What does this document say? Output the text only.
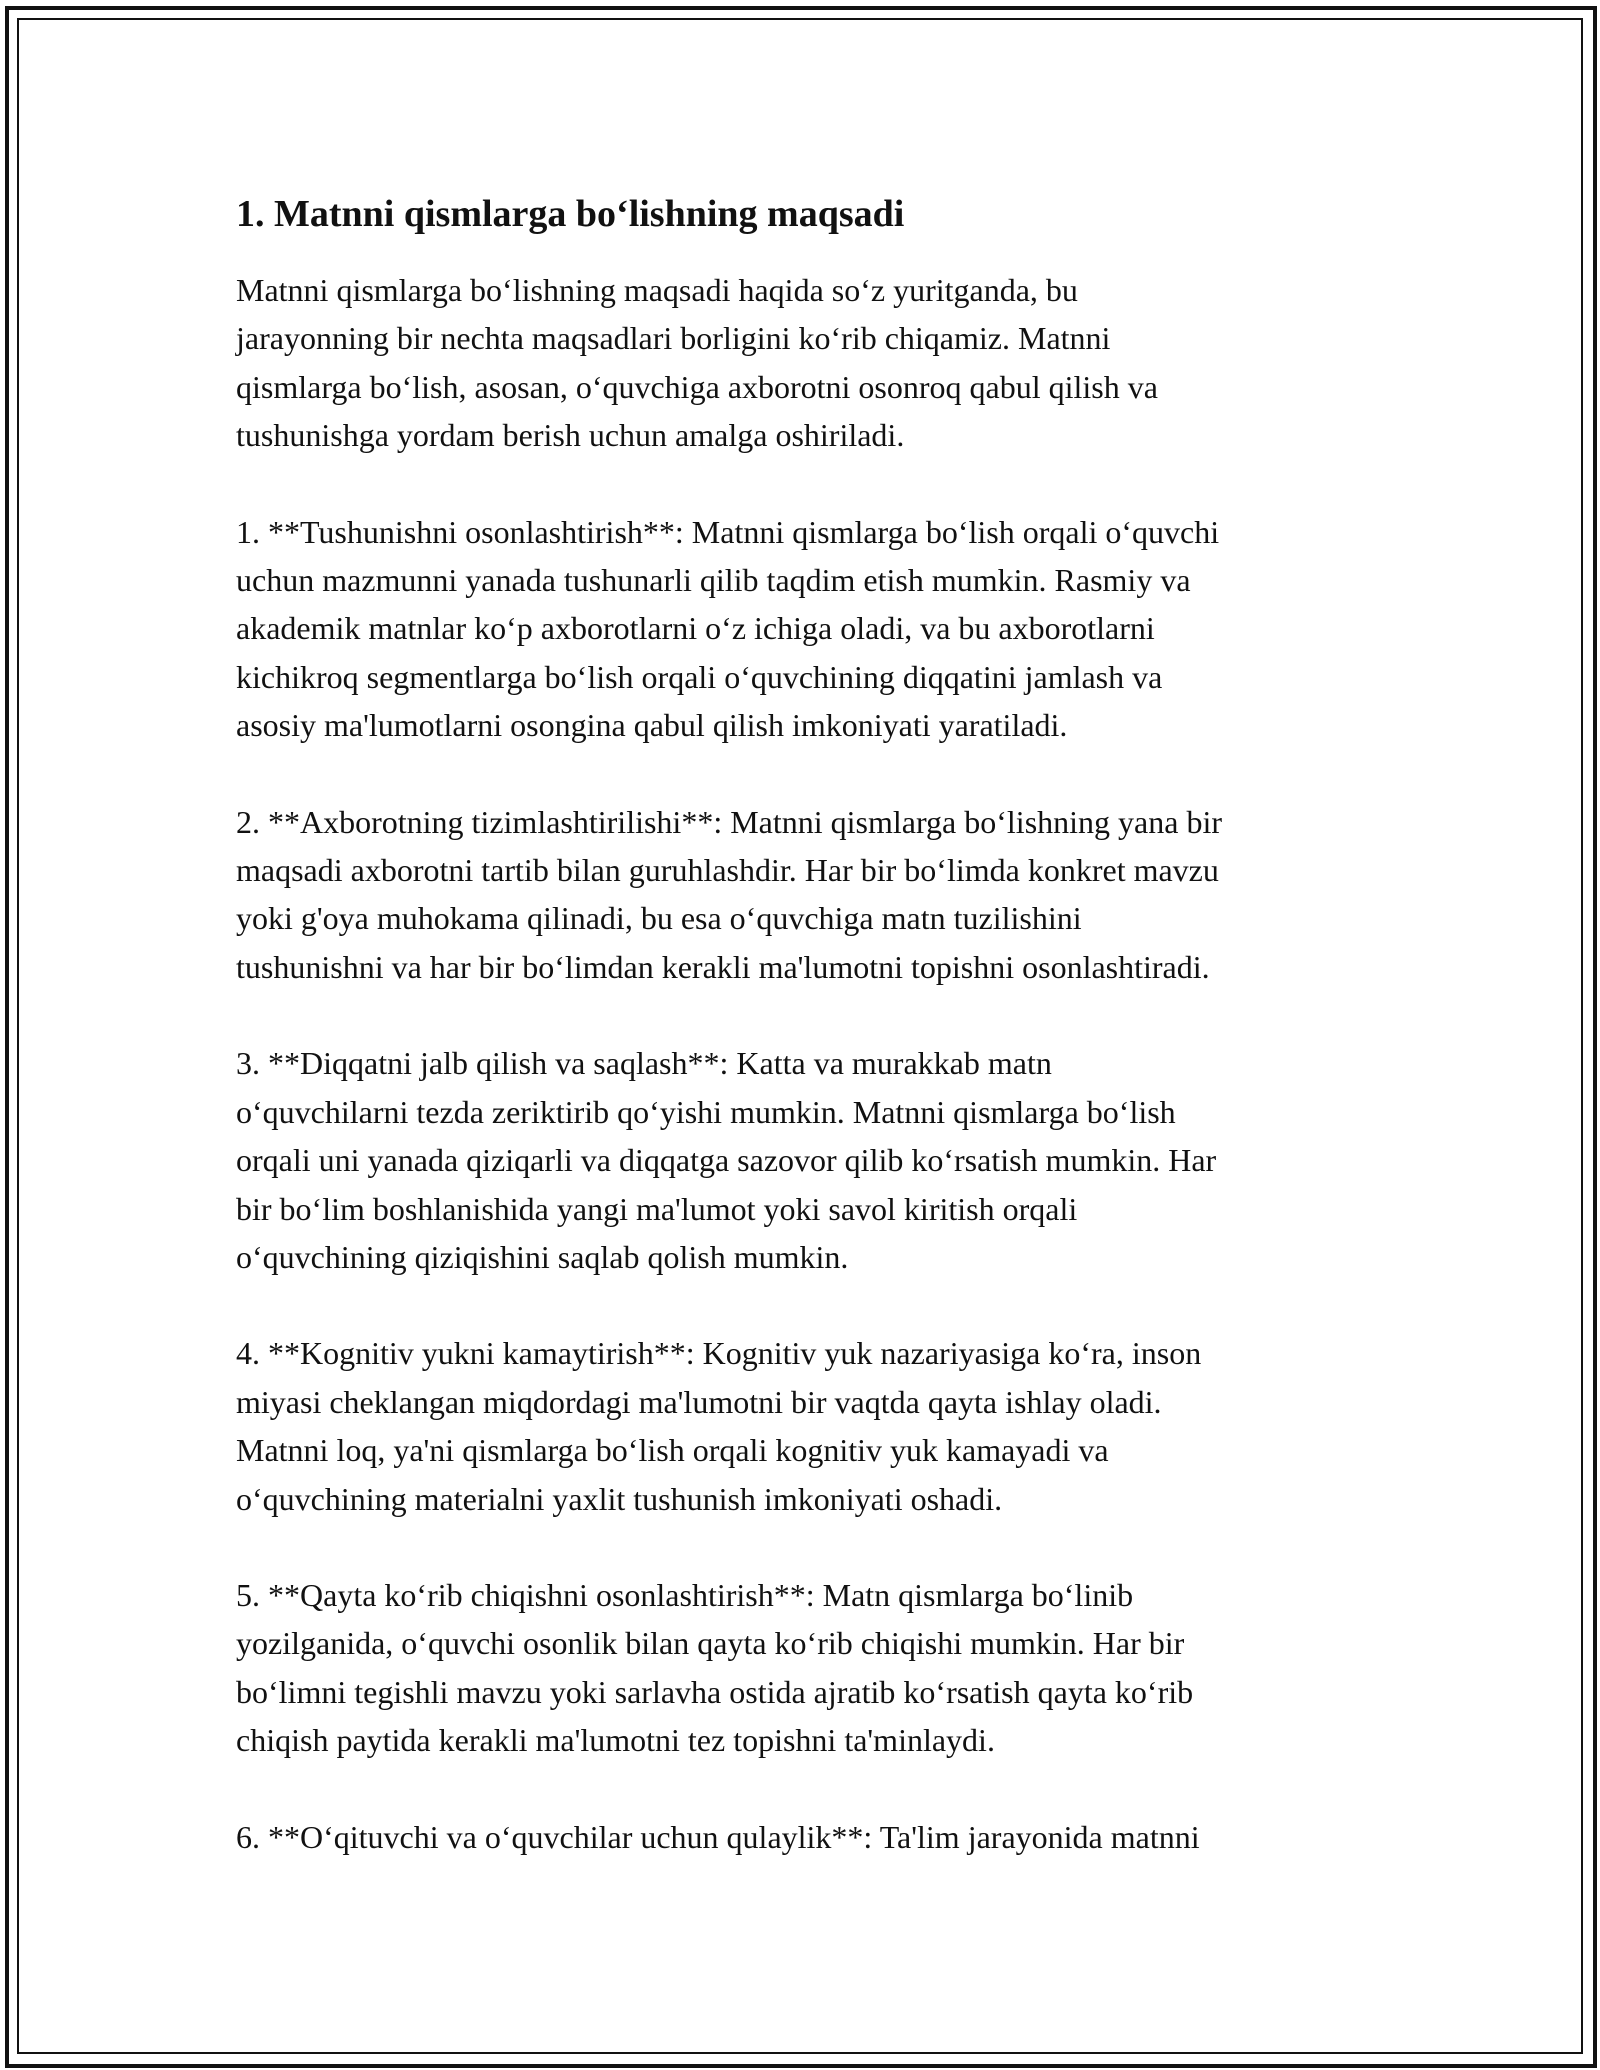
1. Matnni qismlarga bo‘lishning maqsadi

Matnni qismlarga bo‘lishning maqsadi haqida so‘z yuritganda, bu
jarayonning bir nechta maqsadlari borligini ko‘rib chiqamiz. Matnni
qismlarga bo‘lish, asosan, o‘quvchiga axborotni osonroq qabul qilish va
tushunishga yordam berish uchun amalga oshiriladi.

1. **Tushunishni osonlashtirish**: Matnni qismlarga bo‘lish orqali o‘quvchi
uchun mazmunni yanada tushunarli qilib taqdim etish mumkin. Rasmiy va
akademik matnlar ko‘p axborotlarni o‘z ichiga oladi, va bu axborotlarni
kichikroq segmentlarga bo‘lish orqali o‘quvchining diqqatini jamlash va
asosiy ma'lumotlarni osongina qabul qilish imkoniyati yaratiladi.

2. **Axborotning tizimlashtirilishi**: Matnni qismlarga bo‘lishning yana bir
maqsadi axborotni tartib bilan guruhlashdir. Har bir bo‘limda konkret mavzu
yoki g'oya muhokama qilinadi, bu esa o‘quvchiga matn tuzilishini
tushunishni va har bir bo‘limdan kerakli ma'lumotni topishni osonlashtiradi.

3. **Diqqatni jalb qilish va saqlash**: Katta va murakkab matn
o‘quvchilarni tezda zeriktirib qo‘yishi mumkin. Matnni qismlarga bo‘lish
orqali uni yanada qiziqarli va diqqatga sazovor qilib ko‘rsatish mumkin. Har
bir bo‘lim boshlanishida yangi ma'lumot yoki savol kiritish orqali
o‘quvchining qiziqishini saqlab qolish mumkin.

4. **Kognitiv yukni kamaytirish**: Kognitiv yuk nazariyasiga ko‘ra, inson
miyasi cheklangan miqdordagi ma'lumotni bir vaqtda qayta ishlay oladi.
Matnni loq, ya'ni qismlarga bo‘lish orqali kognitiv yuk kamayadi va
o‘quvchining materialni yaxlit tushunish imkoniyati oshadi.

5. **Qayta ko‘rib chiqishni osonlashtirish**: Matn qismlarga bo‘linib
yozilganida, o‘quvchi osonlik bilan qayta ko‘rib chiqishi mumkin. Har bir
bo‘limni tegishli mavzu yoki sarlavha ostida ajratib ko‘rsatish qayta ko‘rib
chiqish paytida kerakli ma'lumotni tez topishni ta'minlaydi.

6. **O‘qituvchi va o‘quvchilar uchun qulaylik**: Ta'lim jarayonida matnni
